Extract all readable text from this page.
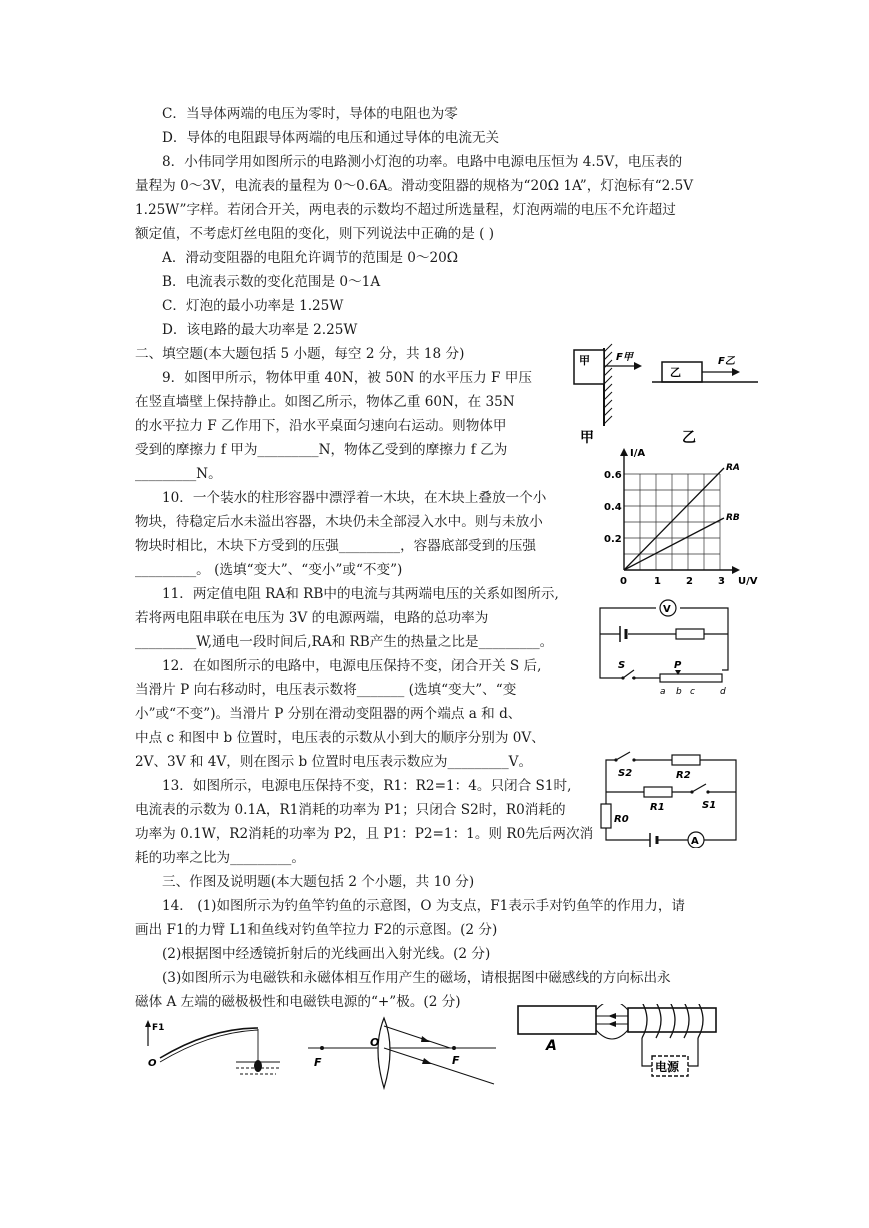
C．当导体两端的电压为零时，导体的电阻也为零
D．导体的电阻跟导体两端的电压和通过导体的电流无关
8．小伟同学用如图所示的电路测小灯泡的功率。电路中电源电压恒为 4.5V，电压表的
量程为 0～3V，电流表的量程为 0～0.6A。滑动变阻器的规格为“20Ω 1A”，灯泡标有“2.5V
1.25W”字样。若闭合开关，两电表的示数均不超过所选量程，灯泡两端的电压不允许超过
额定值，不考虑灯丝电阻的变化，则下列说法中正确的是 ( )
A．滑动变阻器的电阻允许调节的范围是 0～20Ω
B．电流表示数的变化范围是 0～1A
C．灯泡的最小功率是 1.25W
D．该电路的最大功率是 2.25W
二、填空题(本大题包括 5 小题，每空 2 分，共 18 分)
9．如图甲所示，物体甲重 40N，被 50N 的水平压力 F 甲压
在竖直墙壁上保持静止。如图乙所示，物体乙重 60N，在 35N
的水平拉力 F 乙作用下，沿水平桌面匀速向右运动。则物体甲
受到的摩擦力 f 甲为_________N，物体乙受到的摩擦力 f 乙为
_________N。
10．一个装水的柱形容器中漂浮着一木块，在木块上叠放一个小
物块，待稳定后水未溢出容器，木块仍未全部浸入水中。则与未放小
物块时相比，木块下方受到的压强_________，容器底部受到的压强
_________。 (选填“变大”、“变小”或“不变”)
11．两定值电阻 RA和 RB中的电流与其两端电压的关系如图所示,
若将两电阻串联在电压为 3V 的电源两端，电路的总功率为
_________W,通电一段时间后,RA和 RB产生的热量之比是_________。
12．在如图所示的电路中，电源电压保持不变，闭合开关 S 后,
当滑片 P 向右移动时，电压表示数将_______ (选填“变大”、“变
小”或“不变”)。当滑片 P 分别在滑动变阻器的两个端点 a 和 d、
中点 c 和图中 b 位置时，电压表的示数从小到大的顺序分别为 0V、
2V、3V 和 4V，则在图示 b 位置时电压表示数应为_________V。
13．如图所示，电源电压保持不变，R1：R2=1：4。只闭合 S1时,
电流表的示数为 0.1A，R1消耗的功率为 P1；只闭合 S2时，R0消耗的
功率为 0.1W，R2消耗的功率为 P2，且 P1：P2=1：1。则 R0先后两次消
耗的功率之比为_________。
三、作图及说明题(本大题包括 2 个小题，共 10 分)
14． (1)如图所示为钓鱼竿钓鱼的示意图，O 为支点，F1表示手对钓鱼竿的作用力，请
画出 F1的力臂 L1和鱼线对钓鱼竿拉力 F2的示意图。(2 分)
(2)根据图中经透镜折射后的光线画出入射光线。(2 分)
(3)如图所示为电磁铁和永磁体相互作用产生的磁场，请根据图中磁感线的方向标出永
磁体 A 左端的磁极极性和电磁铁电源的“+”极。(2 分)
甲	F甲
甲
乙
F乙
乙
I/A
U/V
0.6
0.4
0.2
0	1	2	3
RA
RB
V
S	P
a b c	d
S2	R2
R1	S1
R0
A
F1
O	F
O
F
A
电源
